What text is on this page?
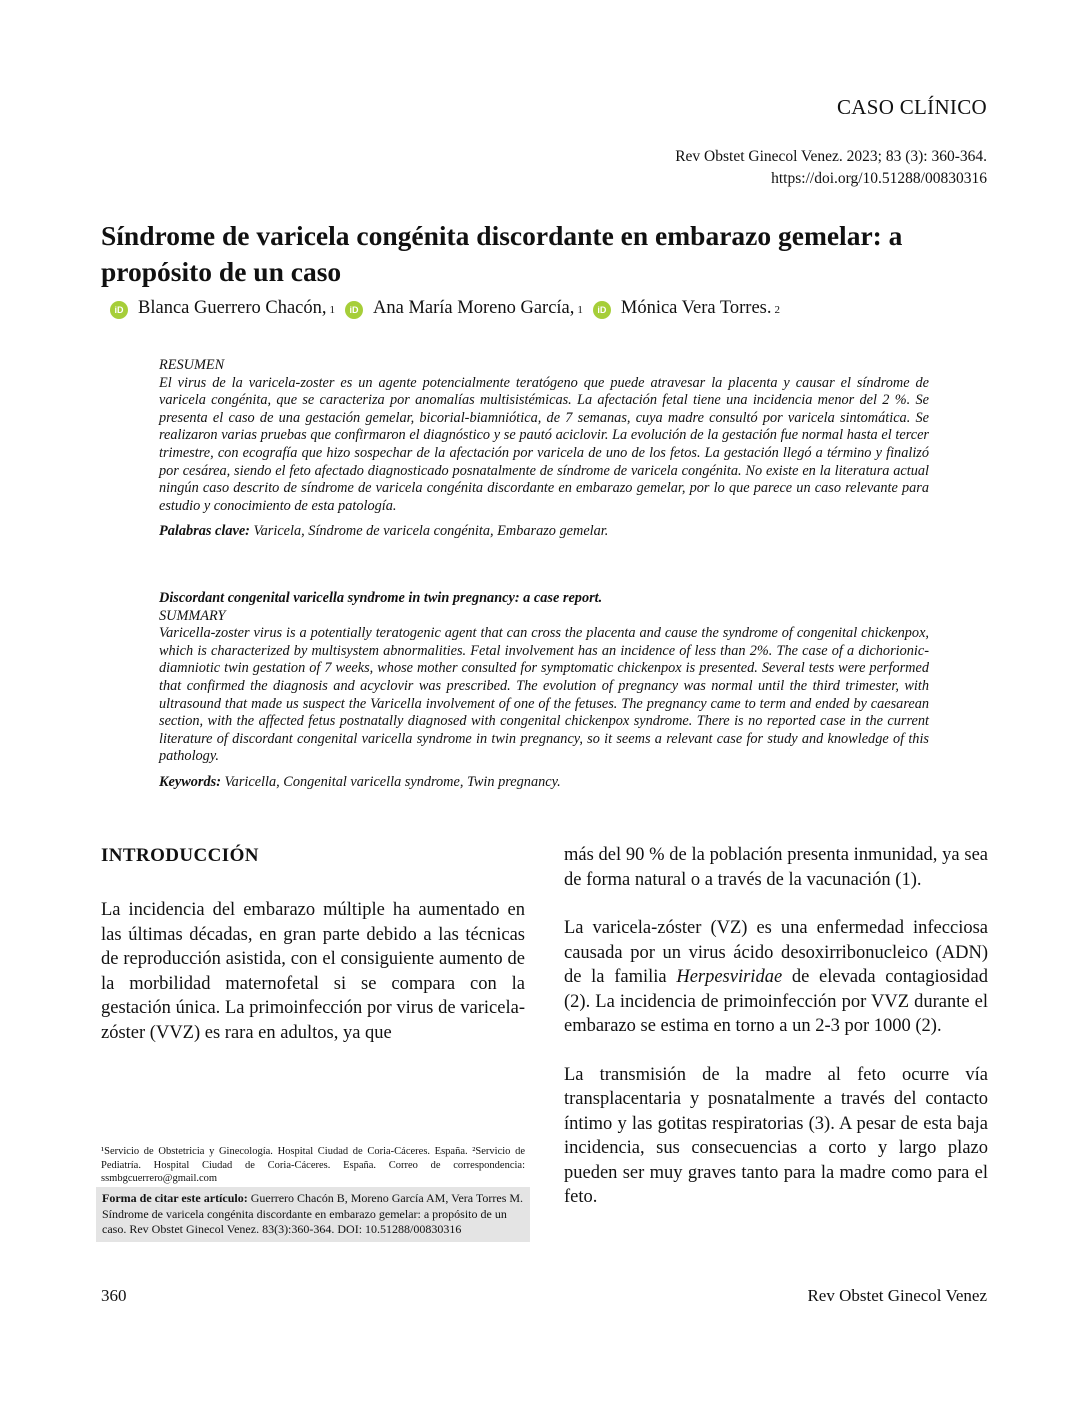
CASO CLÍNICO
Rev Obstet Ginecol Venez. 2023; 83 (3): 360-364.
https://doi.org/10.51288/00830316
Síndrome de varicela congénita discordante en embarazo gemelar: a propósito de un caso
iD Blanca Guerrero Chacón, 1	iD Ana María Moreno García, 1	iD Mónica Vera Torres. 2

RESUMEN

El virus de la varicela-zoster es un agente potencialmente teratógeno que puede atravesar la placenta y causar el síndrome de varicela congénita, que se caracteriza por anomalías multisistémicas. La afectación fetal tiene una incidencia menor del 2 %. Se presenta el caso de una gestación gemelar, bicorial-biamniótica, de 7 semanas, cuya madre consultó por varicela sintomática. Se realizaron varias pruebas que confirmaron el diagnóstico y se pautó aciclovir. La evolución de la gestación fue normal hasta el tercer trimestre, con ecografía que hizo sospechar de la afectación por varicela de uno de los fetos. La gestación llegó a término y finalizó por cesárea, siendo el feto afectado diagnosticado posnatalmente de síndrome de varicela congénita. No existe en la literatura actual ningún caso descrito de síndrome de varicela congénita discordante en embarazo gemelar, por lo que parece un caso relevante para estudio y conocimiento de esta patología.

Palabras clave: Varicela, Síndrome de varicela congénita, Embarazo gemelar.

Discordant congenital varicella syndrome in twin pregnancy: a case report.

SUMMARY

Varicella-zoster virus is a potentially teratogenic agent that can cross the placenta and cause the syndrome of congenital chickenpox, which is characterized by multisystem abnormalities. Fetal involvement has an incidence of less than 2%. The case of a dichorionic-diamniotic twin gestation of 7 weeks, whose mother consulted for symptomatic chickenpox is presented. Several tests were performed that confirmed the diagnosis and acyclovir was prescribed. The evolution of pregnancy was normal until the third trimester, with ultrasound that made us suspect the Varicella involvement of one of the fetuses. The pregnancy came to term and ended by caesarean section, with the affected fetus postnatally diagnosed with congenital chickenpox syndrome. There is no reported case in the current literature of discordant congenital varicella syndrome in twin pregnancy, so it seems a relevant case for study and knowledge of this pathology.

Keywords: Varicella, Congenital varicella syndrome, Twin pregnancy.

INTRODUCCIÓN

La incidencia del embarazo múltiple ha aumentado en las últimas décadas, en gran parte debido a las técnicas de reproducción asistida, con el consiguiente aumento de la morbilidad maternofetal si se compara con la gestación única. La primoinfección por virus de varicela-zóster (VVZ) es rara en adultos, ya que

más del 90 % de la población presenta inmunidad, ya sea de forma natural o a través de la vacunación (1).

La varicela-zóster (VZ) es una enfermedad infecciosa causada por un virus ácido desoxirribonucleico (ADN) de la familia Herpesviridae de elevada contagiosidad (2). La incidencia de primoinfección por VVZ durante el embarazo se estima en torno a un 2-3 por 1000 (2).

La transmisión de la madre al feto ocurre vía transplacentaria y posnatalmente a través del contacto íntimo y las gotitas respiratorias (3). A pesar de esta baja incidencia, sus consecuencias a corto y largo plazo pueden ser muy graves tanto para la madre como para el feto.

¹Servicio de Obstetricia y Ginecología. Hospital Ciudad de Coria-Cáceres. España. ²Servicio de Pediatría. Hospital Ciudad de Coria-Cáceres. España. Correo de correspondencia: ssmbgcuerrero@gmail.com
Forma de citar este artículo: Guerrero Chacón B, Moreno García AM, Vera Torres M. Síndrome de varicela congénita discordante en embarazo gemelar: a propósito de un caso. Rev Obstet Ginecol Venez. 83(3):360-364. DOI: 10.51288/00830316
360	Rev Obstet Ginecol Venez
